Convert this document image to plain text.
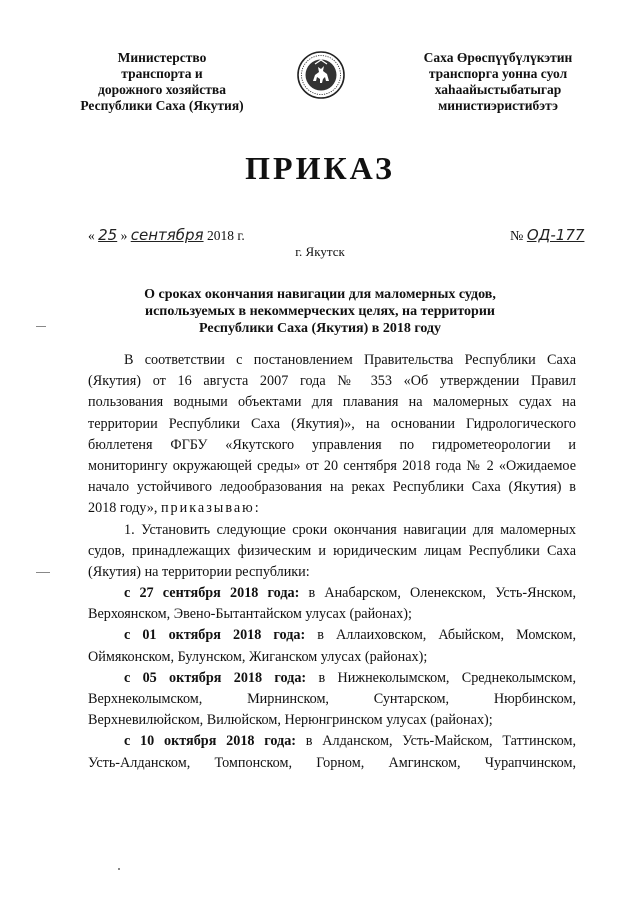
Министерство
транспорта и
дорожного хозяйства
Республики Саха (Якутия)
Саха Өрөспүүбүлүкэтин
транспорга уонна суол
хаһаайыстыбатыгар
министиэристибэтэ
ПРИКАЗ
« 25 » сентября 2018 г.	№ ОД-177
г. Якутск
О сроках окончания навигации для маломерных судов,
используемых в некоммерческих целях, на территории
Республики Саха (Якутия) в 2018 году
В соответствии с постановлением Правительства Республики Саха
(Якутия) от 16 августа 2007 года № 353 «Об утверждении Правил
пользования водными объектами для плавания на маломерных судах на
территории Республики Саха (Якутия)», на основании Гидрологического
бюллетеня ФГБУ «Якутского управления по гидрометеорологии и
мониторингу окружающей среды» от 20 сентября 2018 года № 2 «Ожидаемое
начало устойчивого ледообразования на реках Республики Саха (Якутия) в
2018 году», приказываю:
1. Установить следующие сроки окончания навигации для маломерных
судов, принадлежащих физическим и юридическим лицам Республики Саха
(Якутия) на территории республики:
с 27 сентября 2018 года: в Анабарском, Оленекском, Усть-Янском,
Верхоянском, Эвено-Бытантайском улусах (районах);
с 01 октября 2018 года: в Аллаиховском, Абыйском, Момском,
Оймяконском, Булунском, Жиганском улусах (районах);
с 05 октября 2018 года: в Нижнеколымском, Среднеколымском,
Верхнеколымском, Мирнинском, Сунтарском, Нюрбинском,
Верхневилюйском, Вилюйском, Нерюнгринском улусах (районах);
с 10 октября 2018 года: в Алданском, Усть-Майском, Таттинском,
Усть-Алданском, Томпонском, Горном, Амгинском, Чурапчинском,
